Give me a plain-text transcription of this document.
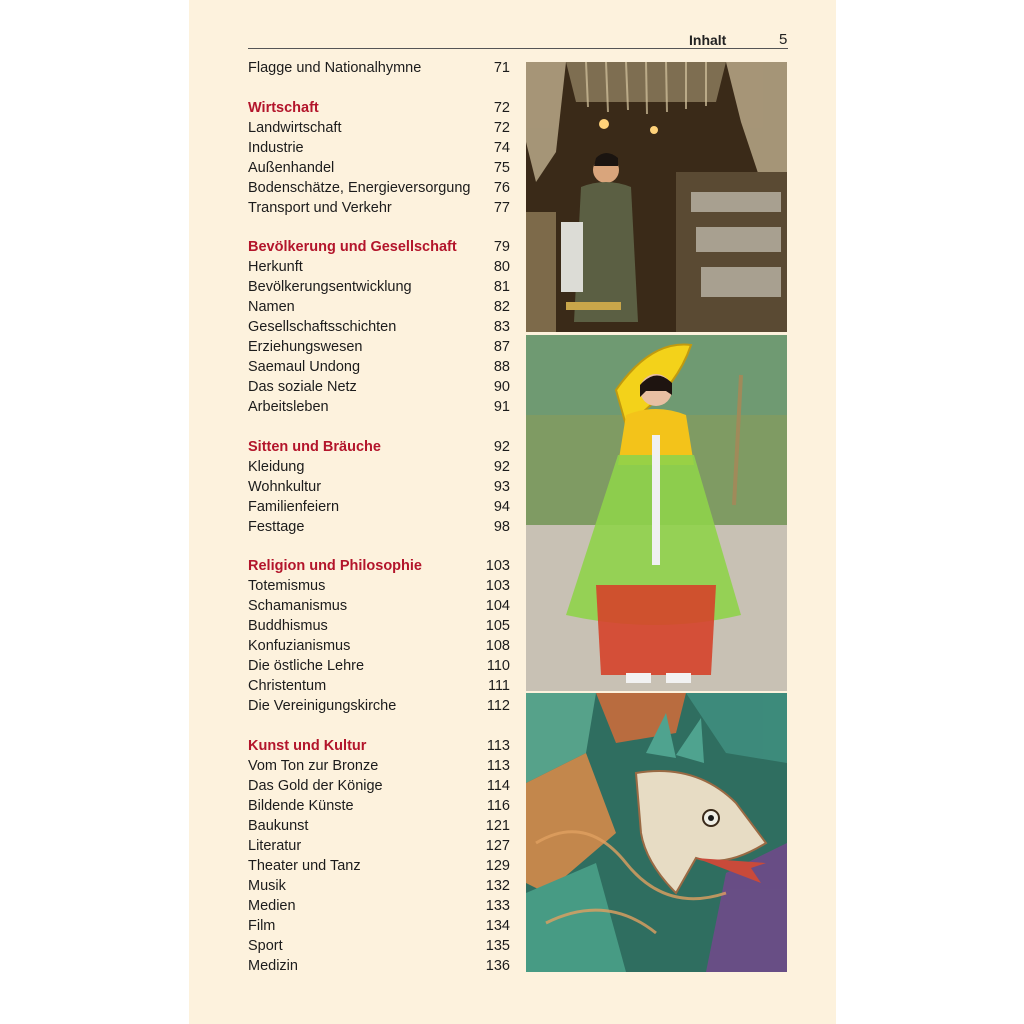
Inhalt	5
Flagge und Nationalhymne	71
Wirtschaft	72
Landwirtschaft	72
Industrie	74
Außenhandel	75
Bodenschätze, Energieversorgung 76
Transport und Verkehr	77
Bevölkerung und Gesellschaft	79
Herkunft	80
Bevölkerungsentwicklung	81
Namen	82
Gesellschaftsschichten	83
Erziehungswesen	87
Saemaul Undong	88
Das soziale Netz	90
Arbeitsleben	91
Sitten und Bräuche	92
Kleidung	92
Wohnkultur	93
Familienfeiern	94
Festtage	98
Religion und Philosophie	103
Totemismus	103
Schamanismus	104
Buddhismus	105
Konfuzianismus	108
Die östliche Lehre	110
Christentum	111
Die Vereinigungskirche	112
Kunst und Kultur	113
Vom Ton zur Bronze	113
Das Gold der Könige	114
Bildende Künste	116
Baukunst	121
Literatur	127
Theater und Tanz	129
Musik	132
Medien	133
Film	134
Sport	135
Medizin	136
